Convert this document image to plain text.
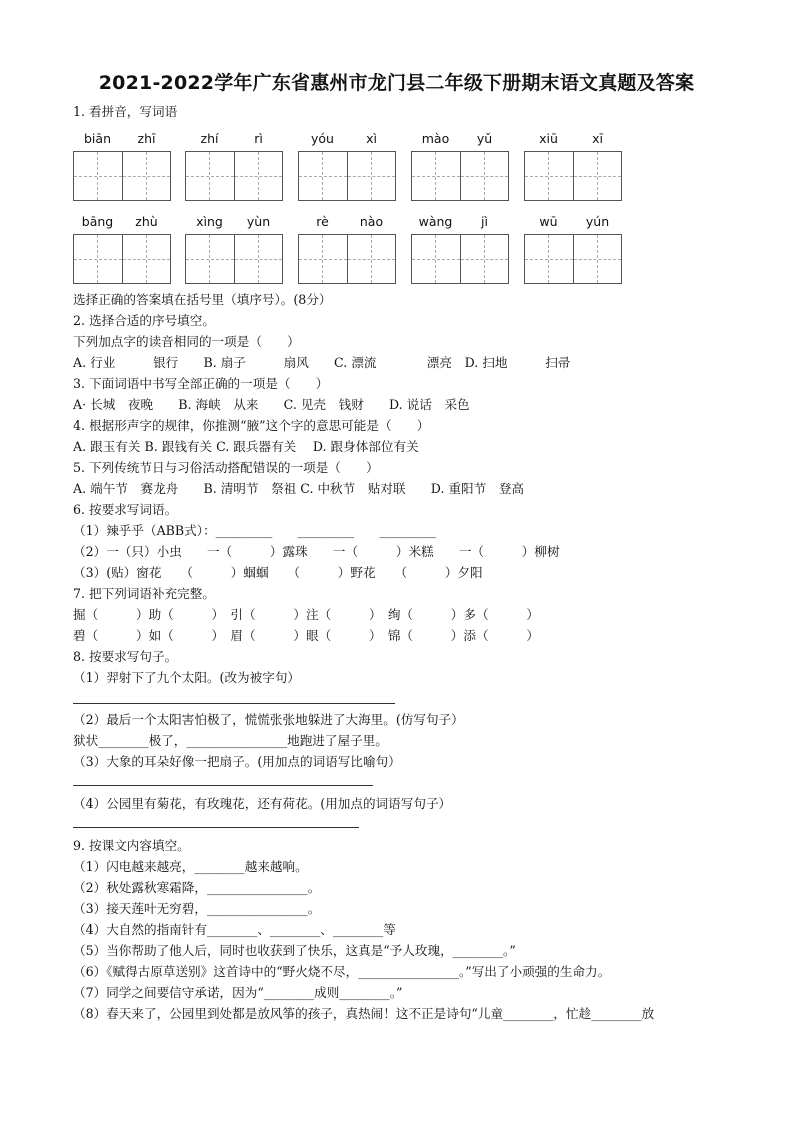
2021-2022学年广东省惠州市龙门县二年级下册期末语文真题及答案
1. 看拼音，写词语
biān	zhī	zhí	rì	yóu	xì	mào	yǔ	xiū	xī
bāng	zhù	xìng	yùn	rè	nào	wàng	jì	wū	yún
选择正确的答案填在括号里（填序号）。(8分）
2. 选择合适的序号填空。
下列加点字的读音相同的一项是（　　）
A. 行业　　　银行　　B. 扇子　　　扇风　　C. 漂流　　　　漂亮　D. 扫地　　　扫帚
3. 下面词语中书写全部正确的一项是（　　）
A· 长城　夜晚　　B. 海峡　从来　　C. 见壳　钱财　　D. 说话　采色
4. 根据形声字的规律，你推测“腋”这个字的意思可能是（　　）
A. 跟玉有关 B. 跟钱有关 C. 跟兵器有关　 D. 跟身体部位有关
5. 下列传统节日与习俗活动搭配错误的一项是（　　）
A. 端午节　赛龙舟　　B. 清明节　祭祖 C. 中秋节　贴对联　　D. 重阳节　登高
6. 按要求写词语。
（1）辣乎乎（ABB式）：_________　　_________　　_________
（2）一（只）小虫　　一（　　　）露珠　　一（　　　）米糕　　一（　　　）柳树
（3）(贴）窗花　　（　　　）蝈蝈　　（　　　）野花　　（　　　）夕阳
7. 把下列词语补充完整。
掘（　　　）助（　　　）　引（　　　）注（　　　）　绚（　　　）多（　　　）
碧（　　　）如（　　　）　眉（　　　）眼（　　　）　锦（　　　）添（　　　）
8. 按要求写句子。
（1）羿射下了九个太阳。(改为被字句）
（2）最后一个太阳害怕极了，慌慌张张地躲进了大海里。(仿写句子）
狱状________极了，________________地跑进了屋子里。
（3）大象的耳朵好像一把扇子。(用加点的词语写比喻句）
（4）公园里有菊花，有玫瑰花，还有荷花。(用加点的词语写句子）
9. 按课文内容填空。
（1）闪电越来越亮，________越来越响。
（2）秋处露秋寒霜降，________________。
（3）接天莲叶无穷碧，________________。
（4）大自然的指南针有________、________、________等
（5）当你帮助了他人后，同时也收获到了快乐，这真是“予人玫瑰，________。”
（6）《赋得古原草送别》这首诗中的“野火烧不尽，________________。”写出了小顽强的生命力。
（7）同学之间要信守承诺，因为“________成则________。”
（8）春天来了，公园里到处都是放风筝的孩子，真热闹！这不正是诗句“儿童________，忙趁________放
